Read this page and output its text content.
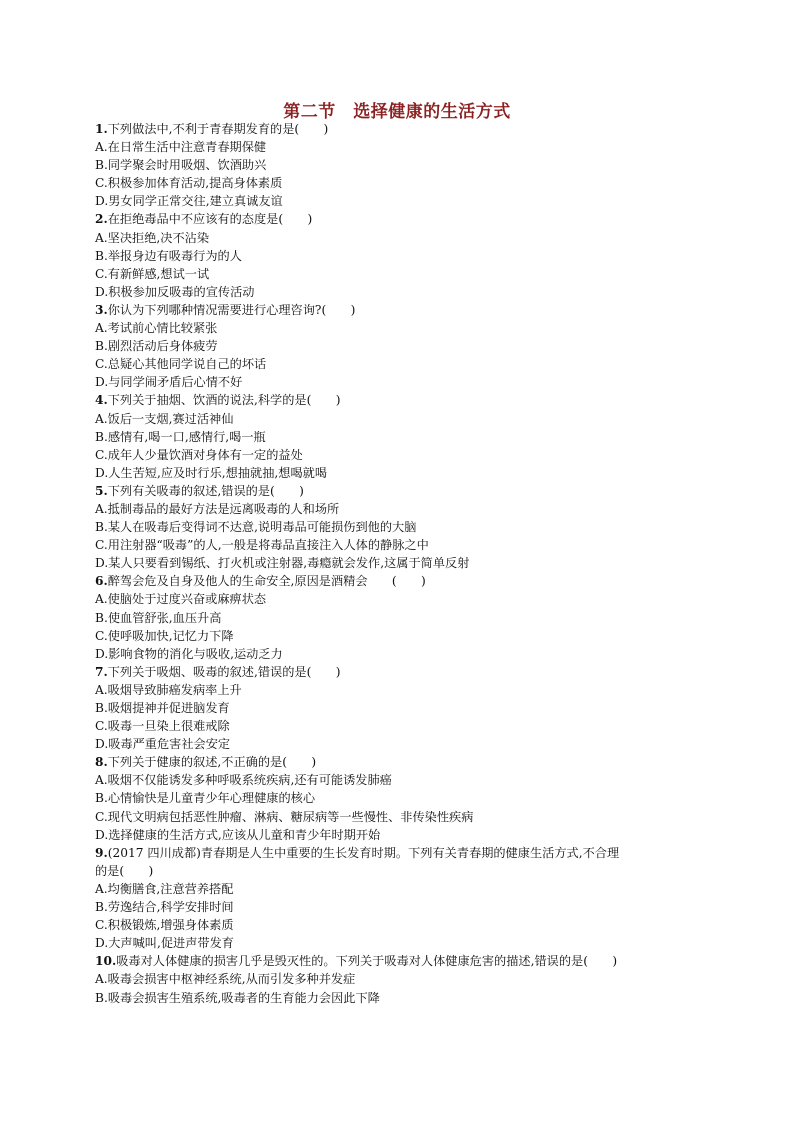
第二节　选择健康的生活方式
1.下列做法中,不利于青春期发育的是(　　)
A.在日常生活中注意青春期保健
B.同学聚会时用吸烟、饮酒助兴
C.积极参加体育活动,提高身体素质
D.男女同学正常交往,建立真诚友谊
2.在拒绝毒品中不应该有的态度是(　　)
A.坚决拒绝,决不沾染
B.举报身边有吸毒行为的人
C.有新鲜感,想试一试
D.积极参加反吸毒的宣传活动
3.你认为下列哪种情况需要进行心理咨询?(　　)
A.考试前心情比较紧张
B.剧烈活动后身体疲劳
C.总疑心其他同学说自己的坏话
D.与同学闹矛盾后心情不好
4.下列关于抽烟、饮酒的说法,科学的是(　　)
A.饭后一支烟,赛过活神仙
B.感情有,喝一口,感情行,喝一瓶
C.成年人少量饮酒对身体有一定的益处
D.人生苦短,应及时行乐,想抽就抽,想喝就喝
5.下列有关吸毒的叙述,错误的是(　　)
A.抵制毒品的最好方法是远离吸毒的人和场所
B.某人在吸毒后变得词不达意,说明毒品可能损伤到他的大脑
C.用注射器“吸毒”的人,一般是将毒品直接注入人体的静脉之中
D.某人只要看到锡纸、打火机或注射器,毒瘾就会发作,这属于简单反射
6.醉驾会危及自身及他人的生命安全,原因是酒精会　　(　　)
A.使脑处于过度兴奋或麻痹状态
B.使血管舒张,血压升高
C.使呼吸加快,记忆力下降
D.影响食物的消化与吸收,运动乏力
7.下列关于吸烟、吸毒的叙述,错误的是(　　)
A.吸烟导致肺癌发病率上升
B.吸烟提神并促进脑发育
C.吸毒一旦染上很难戒除
D.吸毒严重危害社会安定
8.下列关于健康的叙述,不正确的是(　　)
A.吸烟不仅能诱发多种呼吸系统疾病,还有可能诱发肺癌
B.心情愉快是儿童青少年心理健康的核心
C.现代文明病包括恶性肿瘤、淋病、糖尿病等一些慢性、非传染性疾病
D.选择健康的生活方式,应该从儿童和青少年时期开始
9.(2017 四川成都)青春期是人生中重要的生长发育时期。下列有关青春期的健康生活方式,不合理
的是(　　)
A.均衡膳食,注意营养搭配
B.劳逸结合,科学安排时间
C.积极锻炼,增强身体素质
D.大声喊叫,促进声带发育
10.吸毒对人体健康的损害几乎是毁灭性的。下列关于吸毒对人体健康危害的描述,错误的是(　　)
A.吸毒会损害中枢神经系统,从而引发多种并发症
B.吸毒会损害生殖系统,吸毒者的生育能力会因此下降
